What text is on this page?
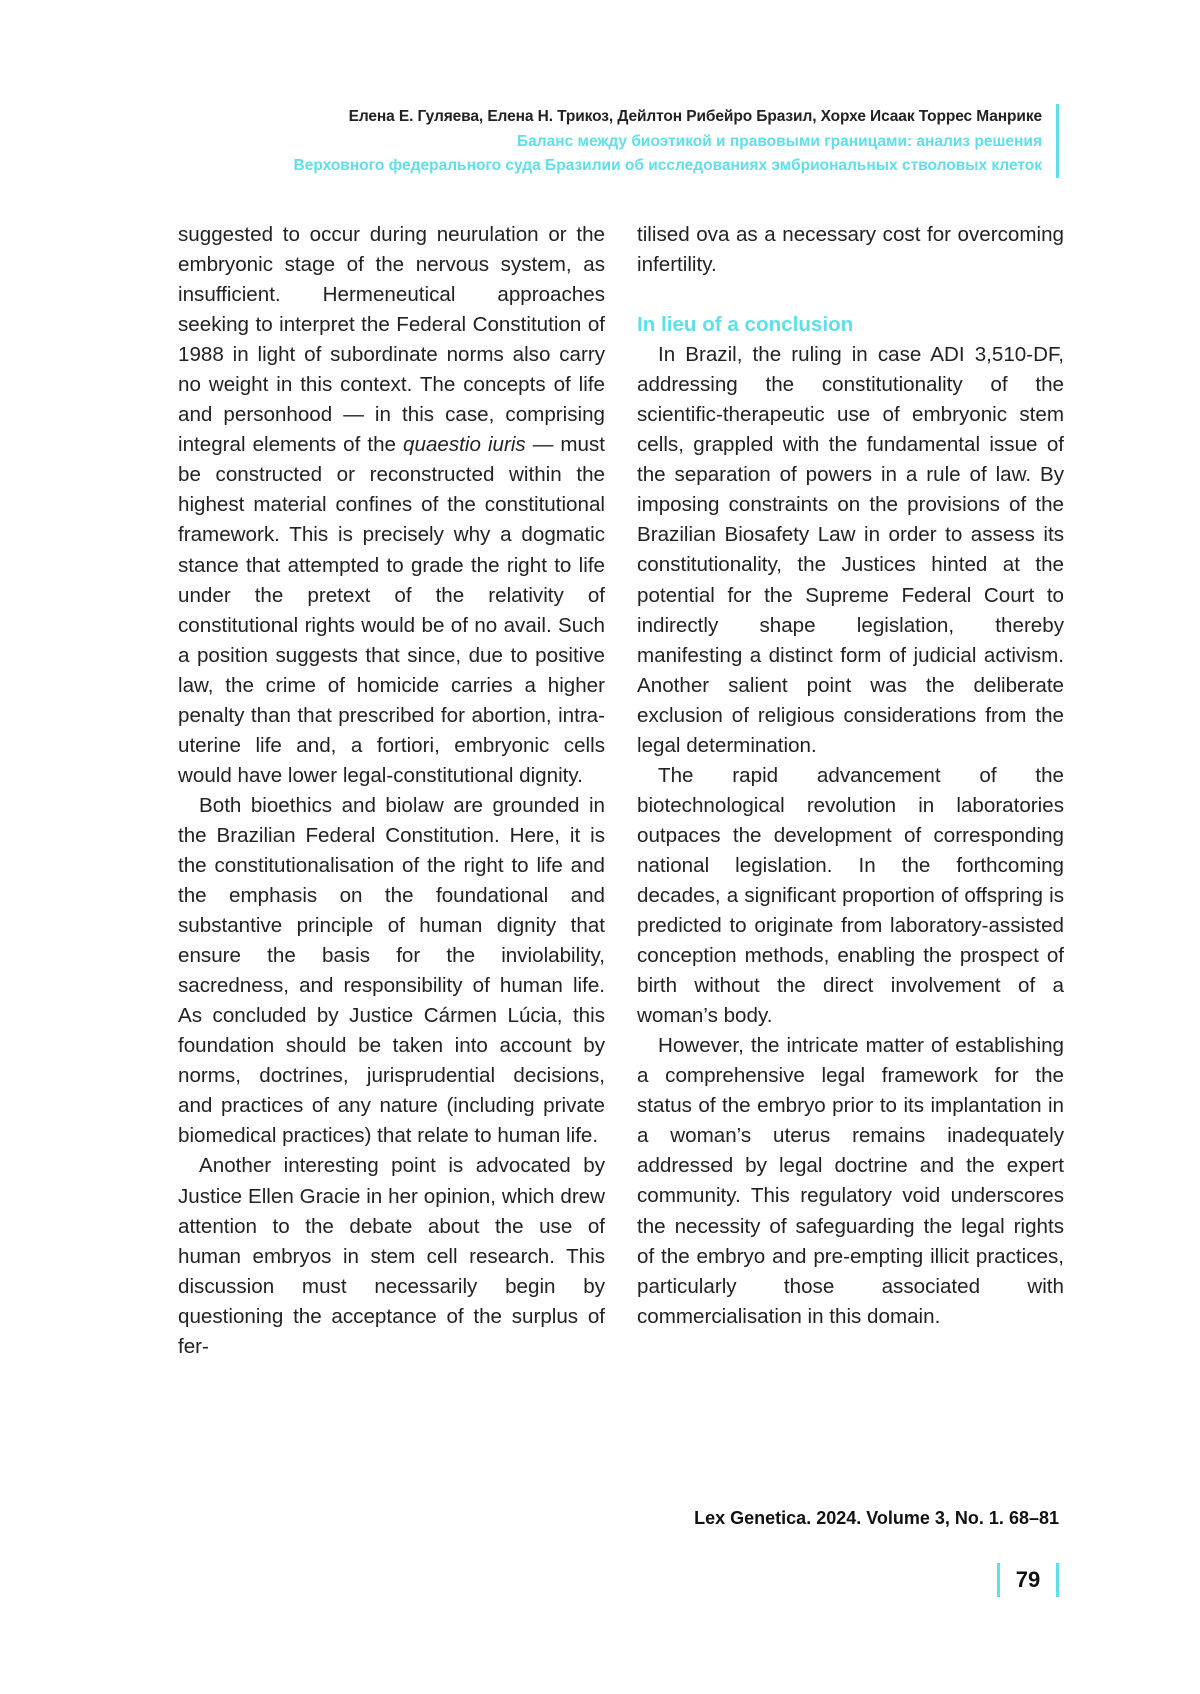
Елена Е. Гуляева, Елена Н. Трикоз, Дейлтон Рибейро Бразил, Хорхе Исаак Торрес Манрике
Баланс между биоэтикой и правовыми границами: анализ решения
Верховного федерального суда Бразилии об исследованиях эмбриональных стволовых клеток

suggested to occur during neurulation or the embryonic stage of the nervous system, as insufficient. Hermeneutical approaches seeking to interpret the Federal Constitution of 1988 in light of subordinate norms also carry no weight in this context. The concepts of life and personhood — in this case, comprising integral elements of the quaestio iuris — must be constructed or reconstructed within the highest material confines of the constitutional framework. This is precisely why a dogmatic stance that attempted to grade the right to life under the pretext of the relativity of constitutional rights would be of no avail. Such a position suggests that since, due to positive law, the crime of homicide carries a higher penalty than that prescribed for abortion, intra-uterine life and, a fortiori, embryonic cells would have lower legal-constitutional dignity.

Both bioethics and biolaw are grounded in the Brazilian Federal Constitution. Here, it is the constitutionalisation of the right to life and the emphasis on the foundational and substantive principle of human dignity that ensure the basis for the inviolability, sacredness, and responsibility of human life. As concluded by Justice Cármen Lúcia, this foundation should be taken into account by norms, doctrines, jurisprudential decisions, and practices of any nature (including private biomedical practices) that relate to human life.

Another interesting point is advocated by Justice Ellen Gracie in her opinion, which drew attention to the debate about the use of human embryos in stem cell research. This discussion must necessarily begin by questioning the acceptance of the surplus of fer-

tilised ova as a necessary cost for overcoming infertility.

In lieu of a conclusion

In Brazil, the ruling in case ADI 3,510-DF, addressing the constitutionality of the scientific-therapeutic use of embryonic stem cells, grappled with the fundamental issue of the separation of powers in a rule of law. By imposing constraints on the provisions of the Brazilian Biosafety Law in order to assess its constitutionality, the Justices hinted at the potential for the Supreme Federal Court to indirectly shape legislation, thereby manifesting a distinct form of judicial activism. Another salient point was the deliberate exclusion of religious considerations from the legal determination.

The rapid advancement of the biotechnological revolution in laboratories outpaces the development of corresponding national legislation. In the forthcoming decades, a significant proportion of offspring is predicted to originate from laboratory-assisted conception methods, enabling the prospect of birth without the direct involvement of a woman’s body.

However, the intricate matter of establishing a comprehensive legal framework for the status of the embryo prior to its implantation in a woman’s uterus remains inadequately addressed by legal doctrine and the expert community. This regulatory void underscores the necessity of safeguarding the legal rights of the embryo and pre-empting illicit practices, particularly those associated with commercialisation in this domain.

Lex Genetica. 2024. Volume 3, No. 1. 68–81
79
